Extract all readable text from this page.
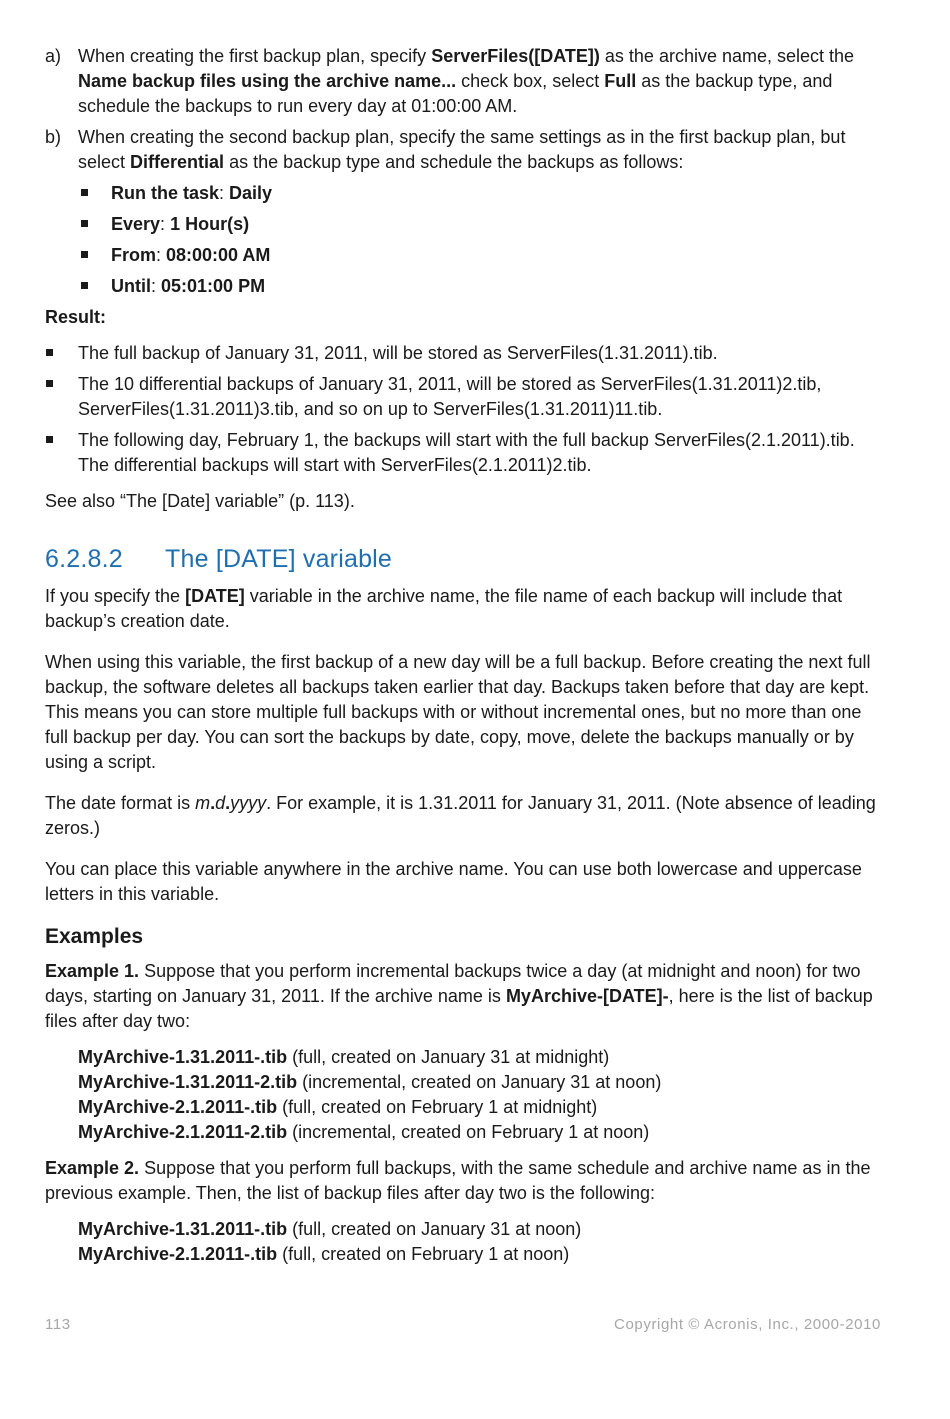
a) When creating the first backup plan, specify ServerFiles([DATE]) as the archive name, select the Name backup files using the archive name... check box, select Full as the backup type, and schedule the backups to run every day at 01:00:00 AM.

b) When creating the second backup plan, specify the same settings as in the first backup plan, but select Differential as the backup type and schedule the backups as follows:

Run the task: Daily
Every: 1 Hour(s)
From: 08:00:00 AM
Until: 05:01:00 PM

Result:

The full backup of January 31, 2011, will be stored as ServerFiles(1.31.2011).tib.
The 10 differential backups of January 31, 2011, will be stored as ServerFiles(1.31.2011)2.tib, ServerFiles(1.31.2011)3.tib, and so on up to ServerFiles(1.31.2011)11.tib.
The following day, February 1, the backups will start with the full backup ServerFiles(2.1.2011).tib. The differential backups will start with ServerFiles(2.1.2011)2.tib.

See also “The [Date] variable” (p. 113).

6.2.8.2 The [DATE] variable

If you specify the [DATE] variable in the archive name, the file name of each backup will include that backup’s creation date.

When using this variable, the first backup of a new day will be a full backup. Before creating the next full backup, the software deletes all backups taken earlier that day. Backups taken before that day are kept. This means you can store multiple full backups with or without incremental ones, but no more than one full backup per day. You can sort the backups by date, copy, move, delete the backups manually or by using a script.

The date format is m.d.yyyy. For example, it is 1.31.2011 for January 31, 2011. (Note absence of leading zeros.)

You can place this variable anywhere in the archive name. You can use both lowercase and uppercase letters in this variable.

Examples

Example 1. Suppose that you perform incremental backups twice a day (at midnight and noon) for two days, starting on January 31, 2011. If the archive name is MyArchive-[DATE]-, here is the list of backup files after day two:

MyArchive-1.31.2011-.tib (full, created on January 31 at midnight)
MyArchive-1.31.2011-2.tib (incremental, created on January 31 at noon)
MyArchive-2.1.2011-.tib (full, created on February 1 at midnight)
MyArchive-2.1.2011-2.tib (incremental, created on February 1 at noon)

Example 2. Suppose that you perform full backups, with the same schedule and archive name as in the previous example. Then, the list of backup files after day two is the following:

MyArchive-1.31.2011-.tib (full, created on January 31 at noon)
MyArchive-2.1.2011-.tib (full, created on February 1 at noon)
113	Copyright © Acronis, Inc., 2000-2010
